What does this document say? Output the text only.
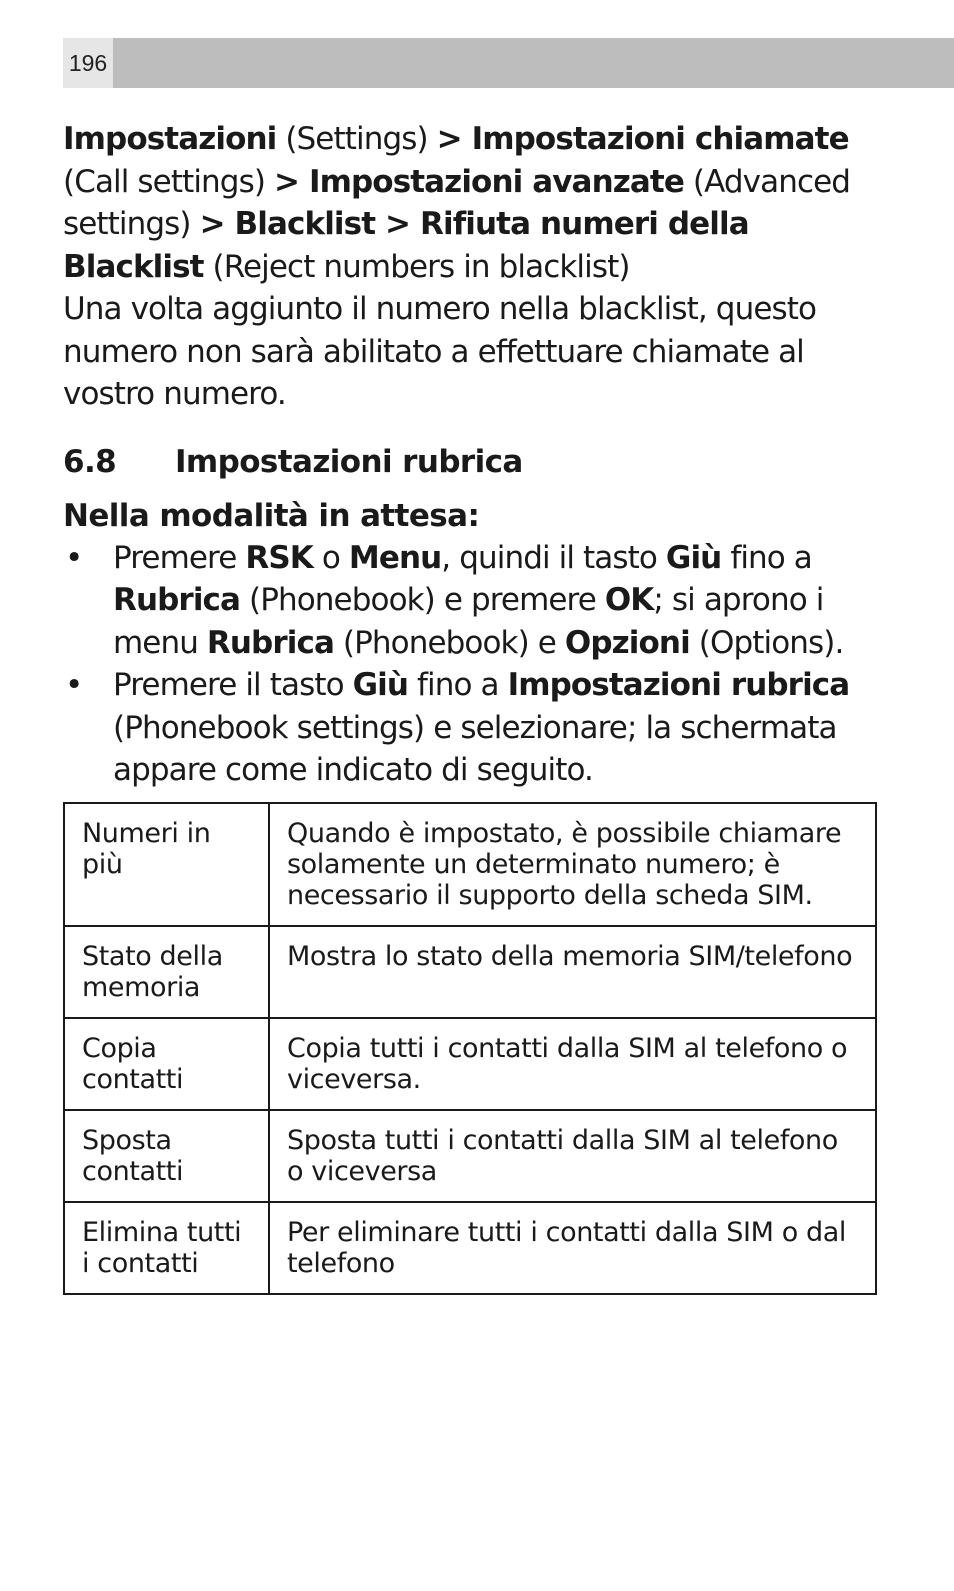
196

Impostazioni (Settings) > Impostazioni chiamate (Call settings) > Impostazioni avanzate (Advanced settings) > Blacklist > Rifiuta numeri della Blacklist (Reject numbers in blacklist)

Una volta aggiunto il numero nella blacklist, questo numero non sarà abilitato a effettuare chiamate al vostro numero.

6.8	Impostazioni rubrica
Nella modalità in attesa:
• Premere RSK o Menu, quindi il tasto Giù fino a Rubrica (Phonebook) e premere OK; si aprono i menu Rubrica (Phonebook) e Opzioni (Options).
• Premere il tasto Giù fino a Impostazioni rubrica (Phonebook settings) e selezionare; la schermata appare come indicato di seguito.
Numeri in più	Quando è impostato, è possibile chiamare solamente un determinato numero; è necessario il supporto della scheda SIM.
Stato della memoria	Mostra lo stato della memoria SIM/telefono
Copia contatti	Copia tutti i contatti dalla SIM al telefono o viceversa.
Sposta contatti	Sposta tutti i contatti dalla SIM al telefono o viceversa
Elimina tutti i contatti	Per eliminare tutti i contatti dalla SIM o dal telefono
